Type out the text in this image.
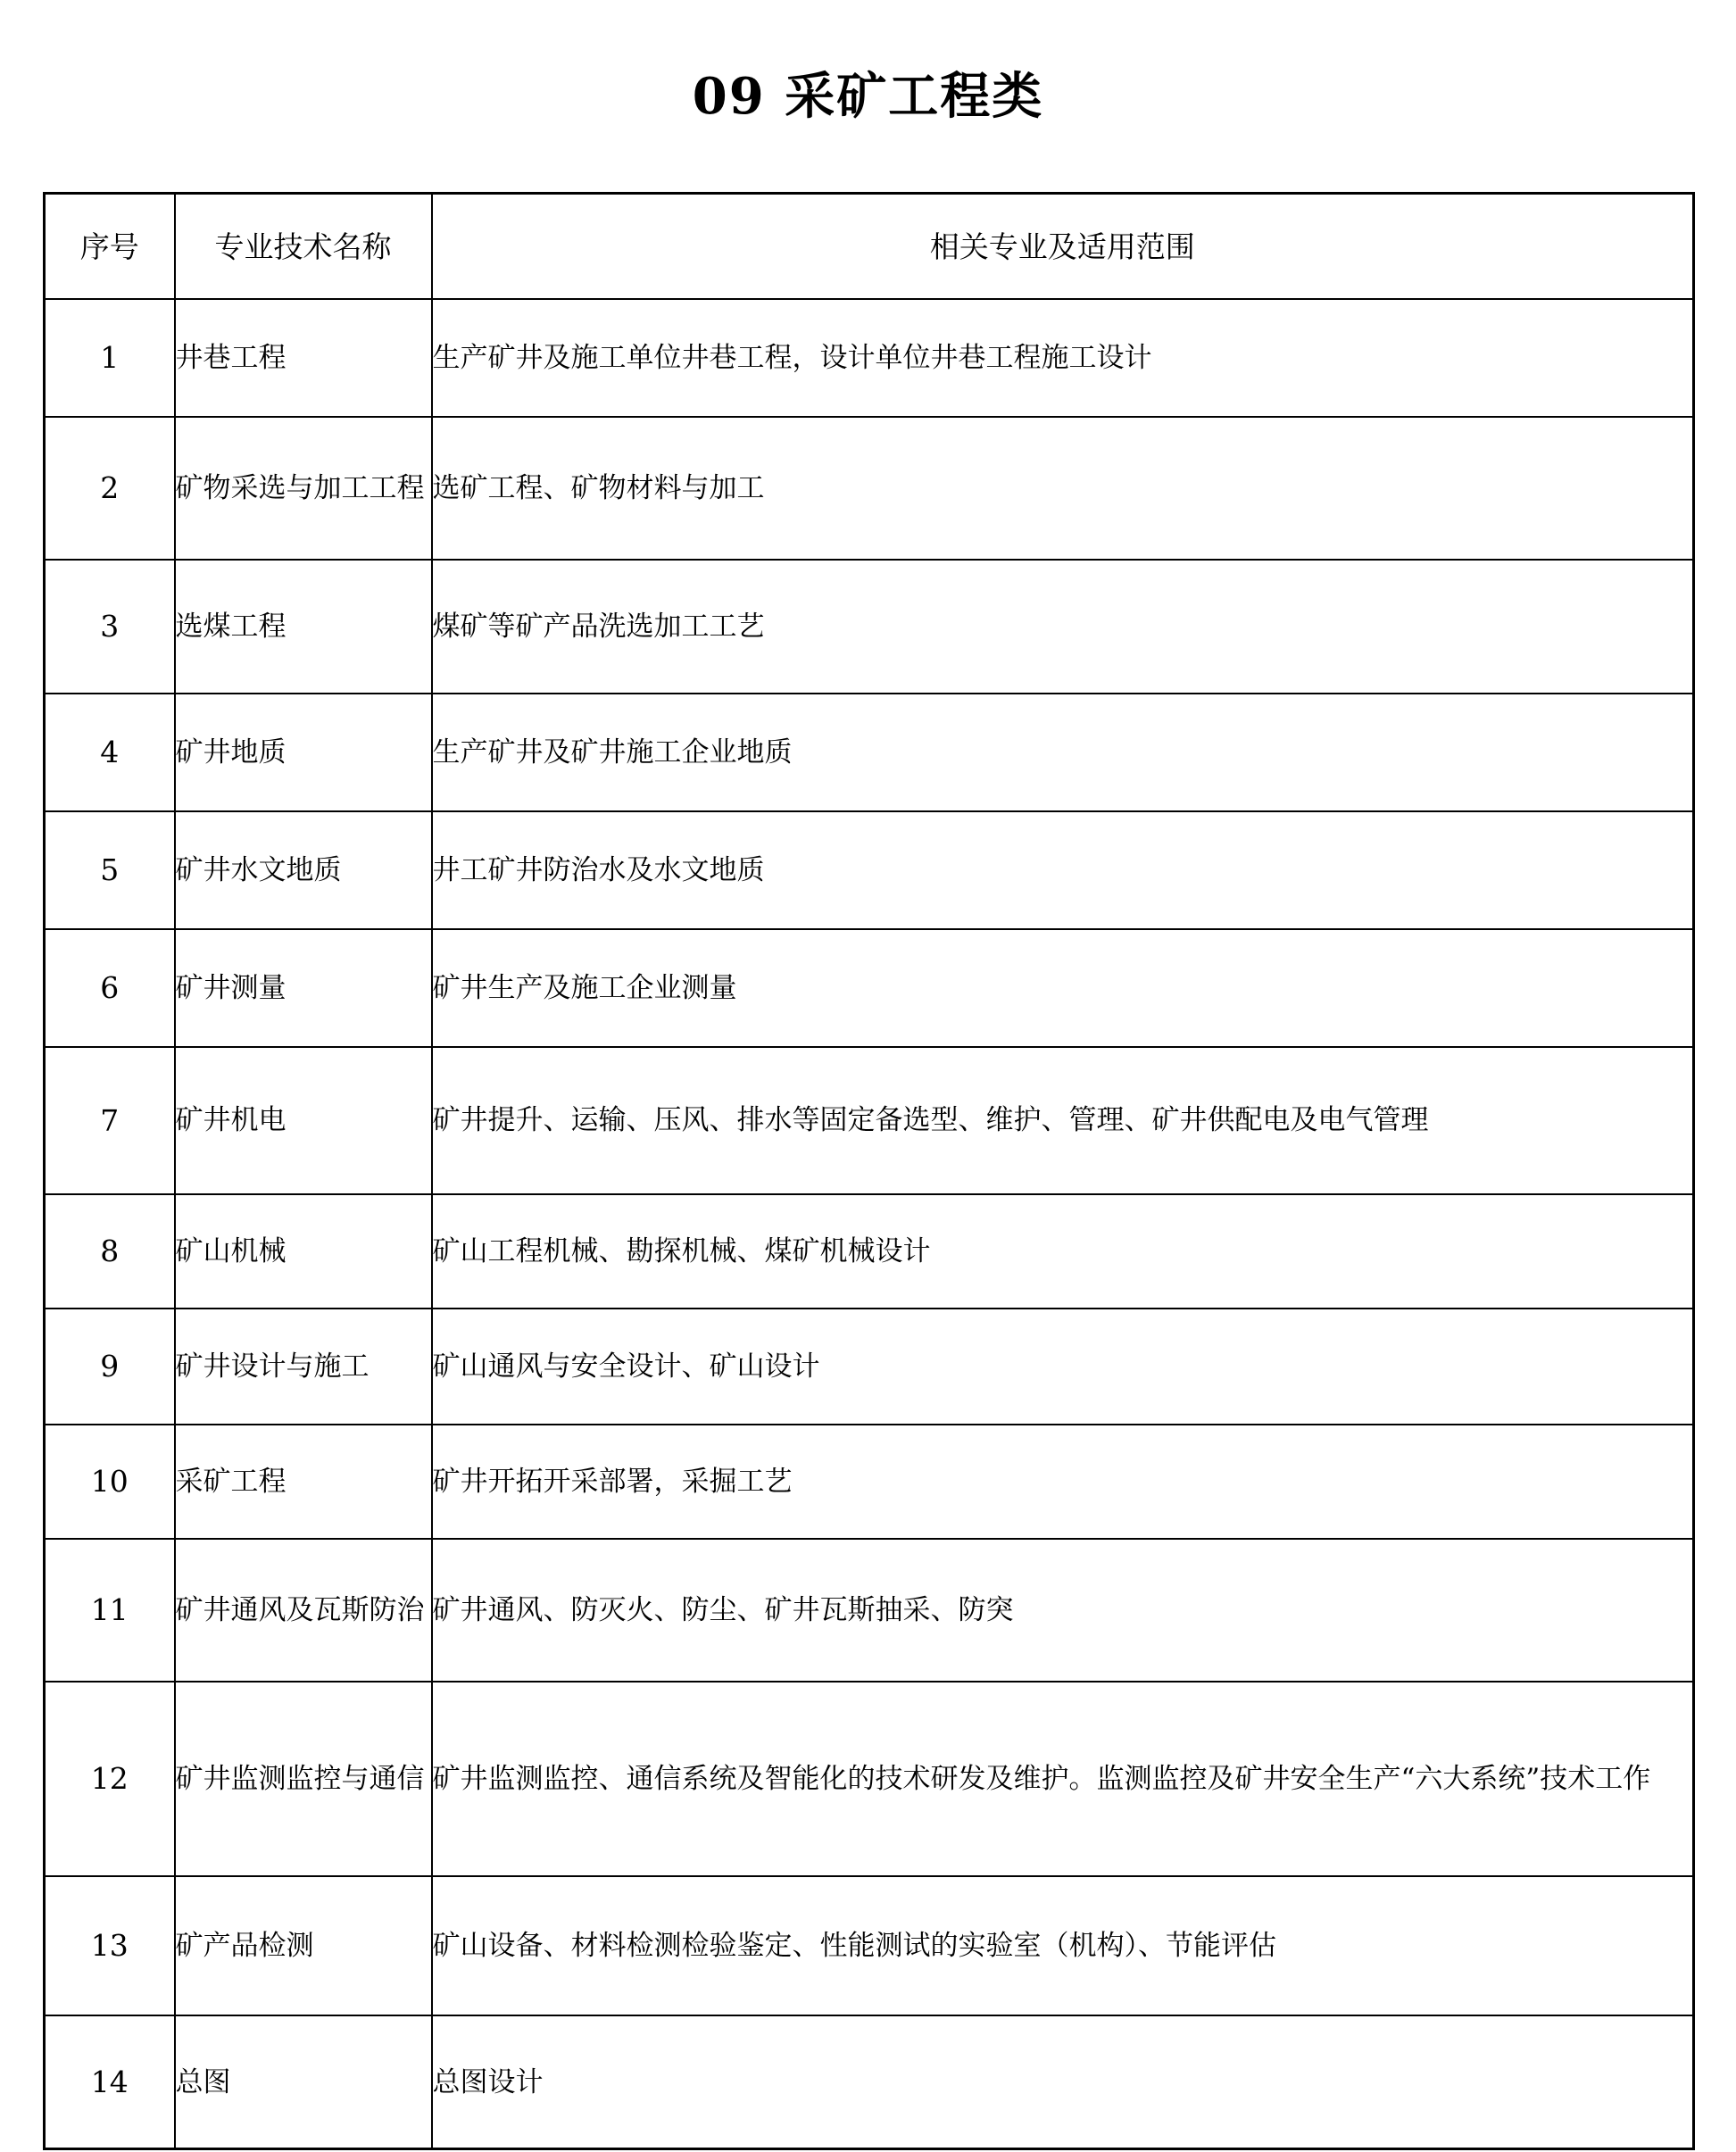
09 采矿工程类
序号	专业技术名称	相关专业及适用范围
1	井巷工程	生产矿井及施工单位井巷工程，设计单位井巷工程施工设计
2	矿物采选与加工工程	选矿工程、矿物材料与加工
3	选煤工程	煤矿等矿产品洗选加工工艺
4	矿井地质	生产矿井及矿井施工企业地质
5	矿井水文地质	井工矿井防治水及水文地质
6	矿井测量	矿井生产及施工企业测量
7	矿井机电	矿井提升、运输、压风、排水等固定备选型、维护、管理、矿井供配电及电气管理
8	矿山机械	矿山工程机械、勘探机械、煤矿机械设计
9	矿井设计与施工	矿山通风与安全设计、矿山设计
10	采矿工程	矿井开拓开采部署，采掘工艺
11	矿井通风及瓦斯防治	矿井通风、防灭火、防尘、矿井瓦斯抽采、防突
12	矿井监测监控与通信	矿井监测监控、通信系统及智能化的技术研发及维护。监测监控及矿井安全生产“六大系统”技术工作
13	矿产品检测	矿山设备、材料检测检验鉴定、性能测试的实验室（机构）、节能评估
14	总图	总图设计
